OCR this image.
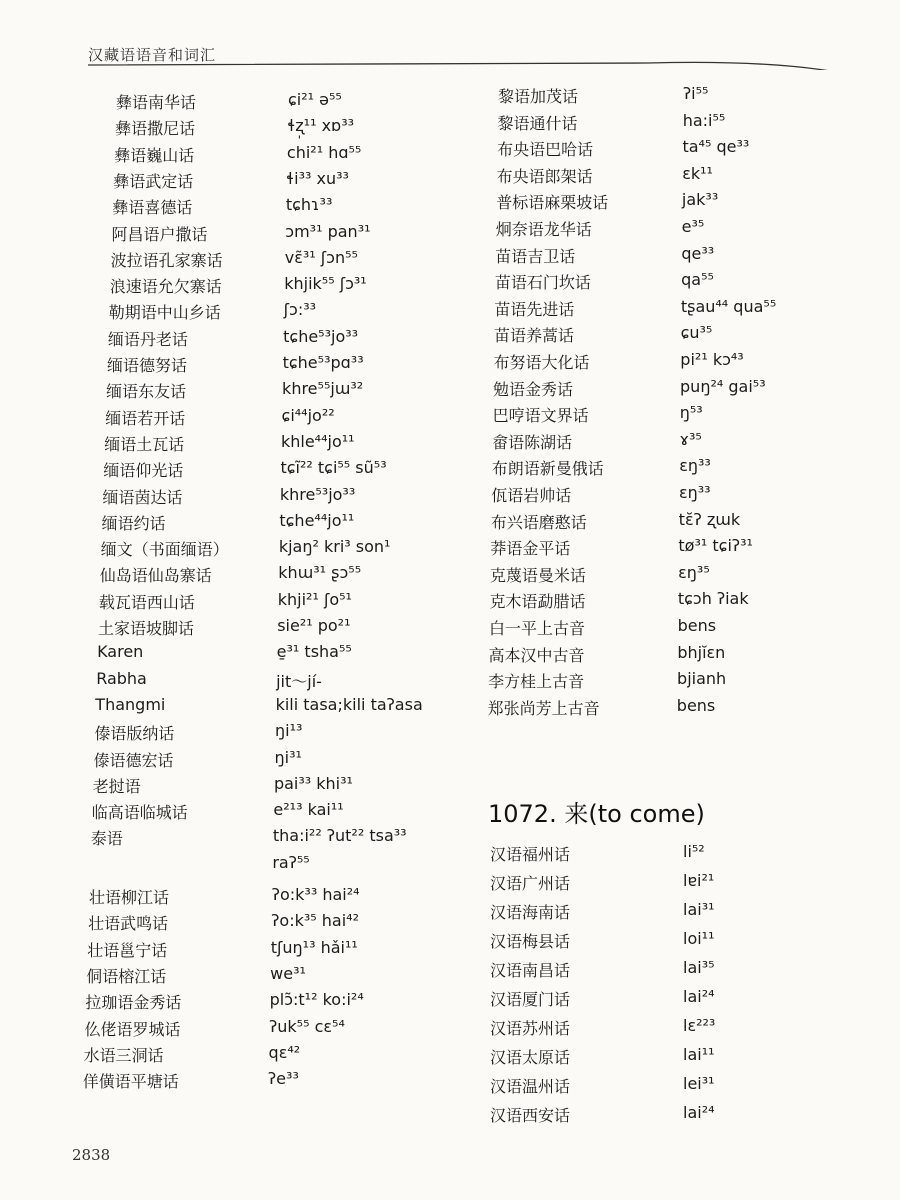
汉藏语语音和词汇
彝语南华话	ɕi²¹ ə⁵⁵
彝语撒尼话	ɬʐ̩¹¹ xɒ³³
彝语巍山话	chi²¹ hɑ⁵⁵
彝语武定话	ɬi³³ xu³³
彝语喜德话	tɕhɿ³³
阿昌语户撒话	ɔm³¹ pan³¹
波拉语孔家寨话	vɛ̃³¹ ʃɔn⁵⁵
浪速语允欠寨话	khjik⁵⁵ ʃɔ³¹
勒期语中山乡话	ʃɔ:³³
缅语丹老话	tɕhe⁵³jo³³
缅语德努话	tɕhe⁵³pɑ³³
缅语东友话	khre⁵⁵jɯ³²
缅语若开话	ɕi⁴⁴jo²²
缅语土瓦话	khle⁴⁴jo¹¹
缅语仰光话	tɕĩ²² tɕi⁵⁵ sũ⁵³
缅语茵达话	khre⁵³jo³³
缅语约话	tɕhe⁴⁴jo¹¹
缅文（书面缅语）	kjaŋ² kri³ son¹
仙岛语仙岛寨话	khɯ³¹ ʂɔ⁵⁵
载瓦语西山话	khji²¹ ʃo⁵¹
土家语坡脚话	sie²¹ po²¹
Karen	e̱³¹ tsha⁵⁵
Rabha	jit～jí-
Thangmi	kili tasa;kili taʔasa
傣语版纳话	ŋi¹³
傣语德宏话	ŋi³¹
老挝语	pai³³ khi³¹
临高语临城话	e²¹³ kai¹¹
泰语	tha:i²² ʔut²² tsa³³
raʔ⁵⁵
壮语柳江话	ʔo:k³³ hai²⁴
壮语武鸣话	ʔo:k³⁵ hai⁴²
壮语邕宁话	tʃuŋ¹³ hǎi¹¹
侗语榕江话	we³¹
拉珈语金秀话	plɔ̃:t¹² ko:i²⁴
仫佬语罗城话	ʔuk⁵⁵ cɛ⁵⁴
水语三洞话	qɛ⁴²
佯僙语平塘话	ʔe³³
黎语加茂话	ʔi⁵⁵
黎语通什话	ha:i⁵⁵
布央语巴哈话	ta⁴⁵ qe³³
布央语郎架话	ɛk¹¹
普标语麻栗坡话	jak³³
炯奈语龙华话	e³⁵
苗语吉卫话	qe³³
苗语石门坎话	qa⁵⁵
苗语先进话	tʂau⁴⁴ qua⁵⁵
苗语养蒿话	ɕu³⁵
布努语大化话	pi²¹ kɔ⁴³
勉语金秀话	puŋ²⁴ gai⁵³
巴哼语文界话	ŋ⁵³
畲语陈湖话	ɤ³⁵
布朗语新曼俄话	ɛŋ³³
佤语岩帅话	ɛŋ³³
布兴语磨憨话	tɛ̆ʔ ʐɯk
莽语金平话	tø³¹ tɕiʔ³¹
克蔑语曼米话	ɛŋ³⁵
克木语勐腊话	tɕɔh ʔiak
白一平上古音	bens
高本汉中古音	bhjĭɛn
李方桂上古音	bjianh
郑张尚芳上古音	bens
1072. 来(to come)
汉语福州话	li⁵²
汉语广州话	lɐi²¹
汉语海南话	lai³¹
汉语梅县话	loi¹¹
汉语南昌话	lai³⁵
汉语厦门话	lai²⁴
汉语苏州话	lɛ²²³
汉语太原话	lai¹¹
汉语温州话	lei³¹
汉语西安话	lai²⁴
2838
